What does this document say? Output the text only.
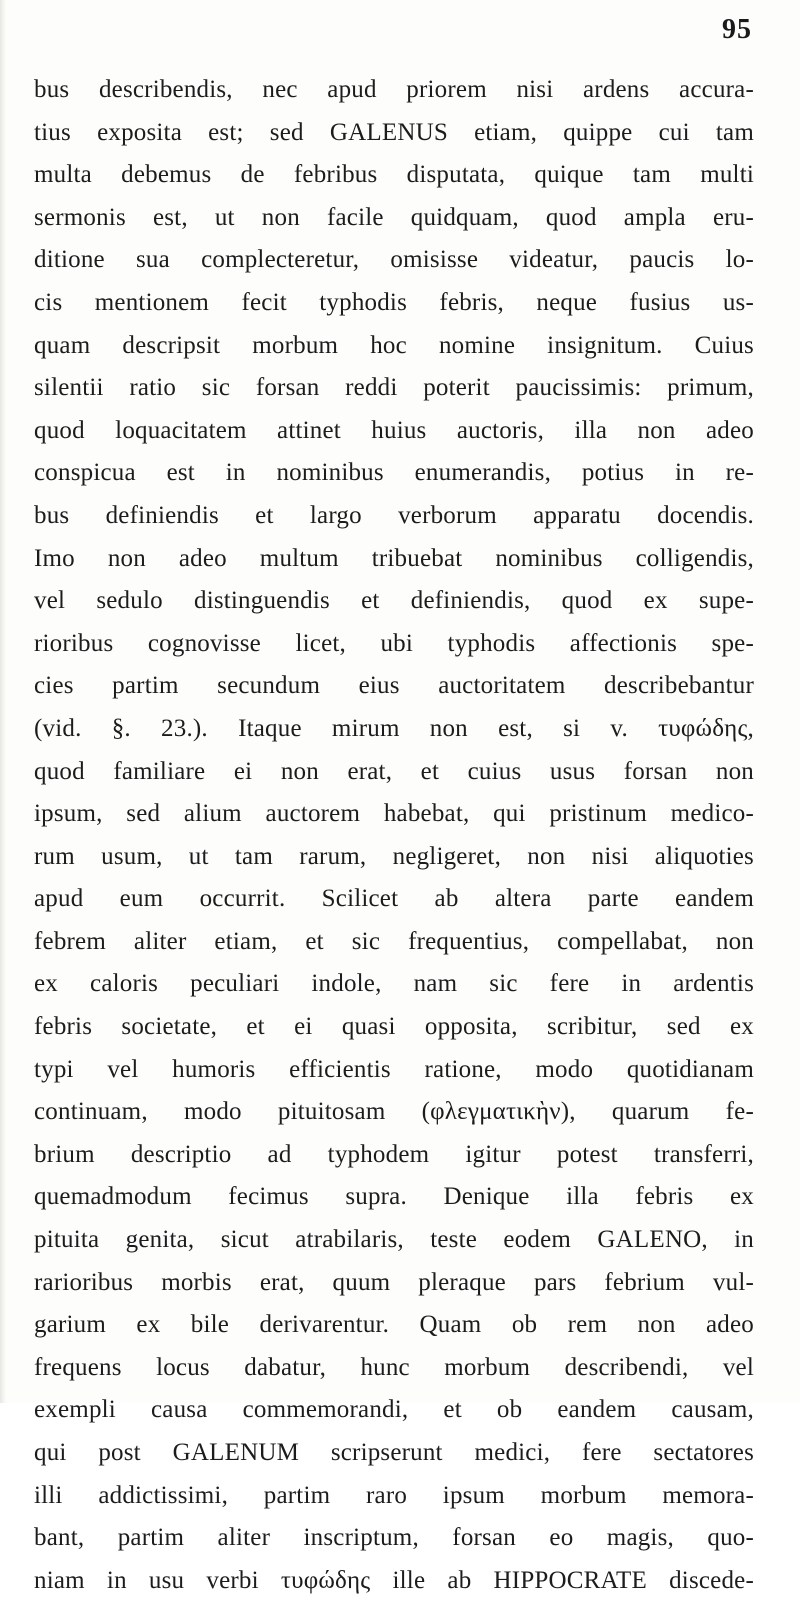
95
bus describendis, nec apud priorem nisi ardens accura-
tius exposita est; sed GALENUS etiam, quippe cui tam
multa debemus de febribus disputata, quique tam multi
sermonis est, ut non facile quidquam, quod ampla eru-
ditione sua complecteretur, omisisse videatur, paucis lo-
cis mentionem fecit typhodis febris, neque fusius us-
quam descripsit morbum hoc nomine insignitum. Cuius
silentii ratio sic forsan reddi poterit paucissimis: primum,
quod loquacitatem attinet huius auctoris, illa non adeo
conspicua est in nominibus enumerandis, potius in re-
bus definiendis et largo verborum apparatu docendis.
Imo non adeo multum tribuebat nominibus colligendis,
vel sedulo distinguendis et definiendis, quod ex supe-
rioribus cognovisse licet, ubi typhodis affectionis spe-
cies partim secundum eius auctoritatem describebantur
(vid. §. 23.). Itaque mirum non est, si v. τυφώδης,
quod familiare ei non erat, et cuius usus forsan non
ipsum, sed alium auctorem habebat, qui pristinum medico-
rum usum, ut tam rarum, negligeret, non nisi aliquoties
apud eum occurrit. Scilicet ab altera parte eandem
febrem aliter etiam, et sic frequentius, compellabat, non
ex caloris peculiari indole, nam sic fere in ardentis
febris societate, et ei quasi opposita, scribitur, sed ex
typi vel humoris efficientis ratione, modo quotidianam
continuam, modo pituitosam (φλεγματικὴν), quarum fe-
brium descriptio ad typhodem igitur potest transferri,
quemadmodum fecimus supra. Denique illa febris ex
pituita genita, sicut atrabilaris, teste eodem GALENO, in
rarioribus morbis erat, quum pleraque pars febrium vul-
garium ex bile derivarentur. Quam ob rem non adeo
frequens locus dabatur, hunc morbum describendi, vel
exempli causa commemorandi, et ob eandem causam,
qui post GALENUM scripserunt medici, fere sectatores
illi addictissimi, partim raro ipsum morbum memora-
bant, partim aliter inscriptum, forsan eo magis, quo-
niam in usu verbi τυφώδης ille ab HIPPOCRATE discede-
